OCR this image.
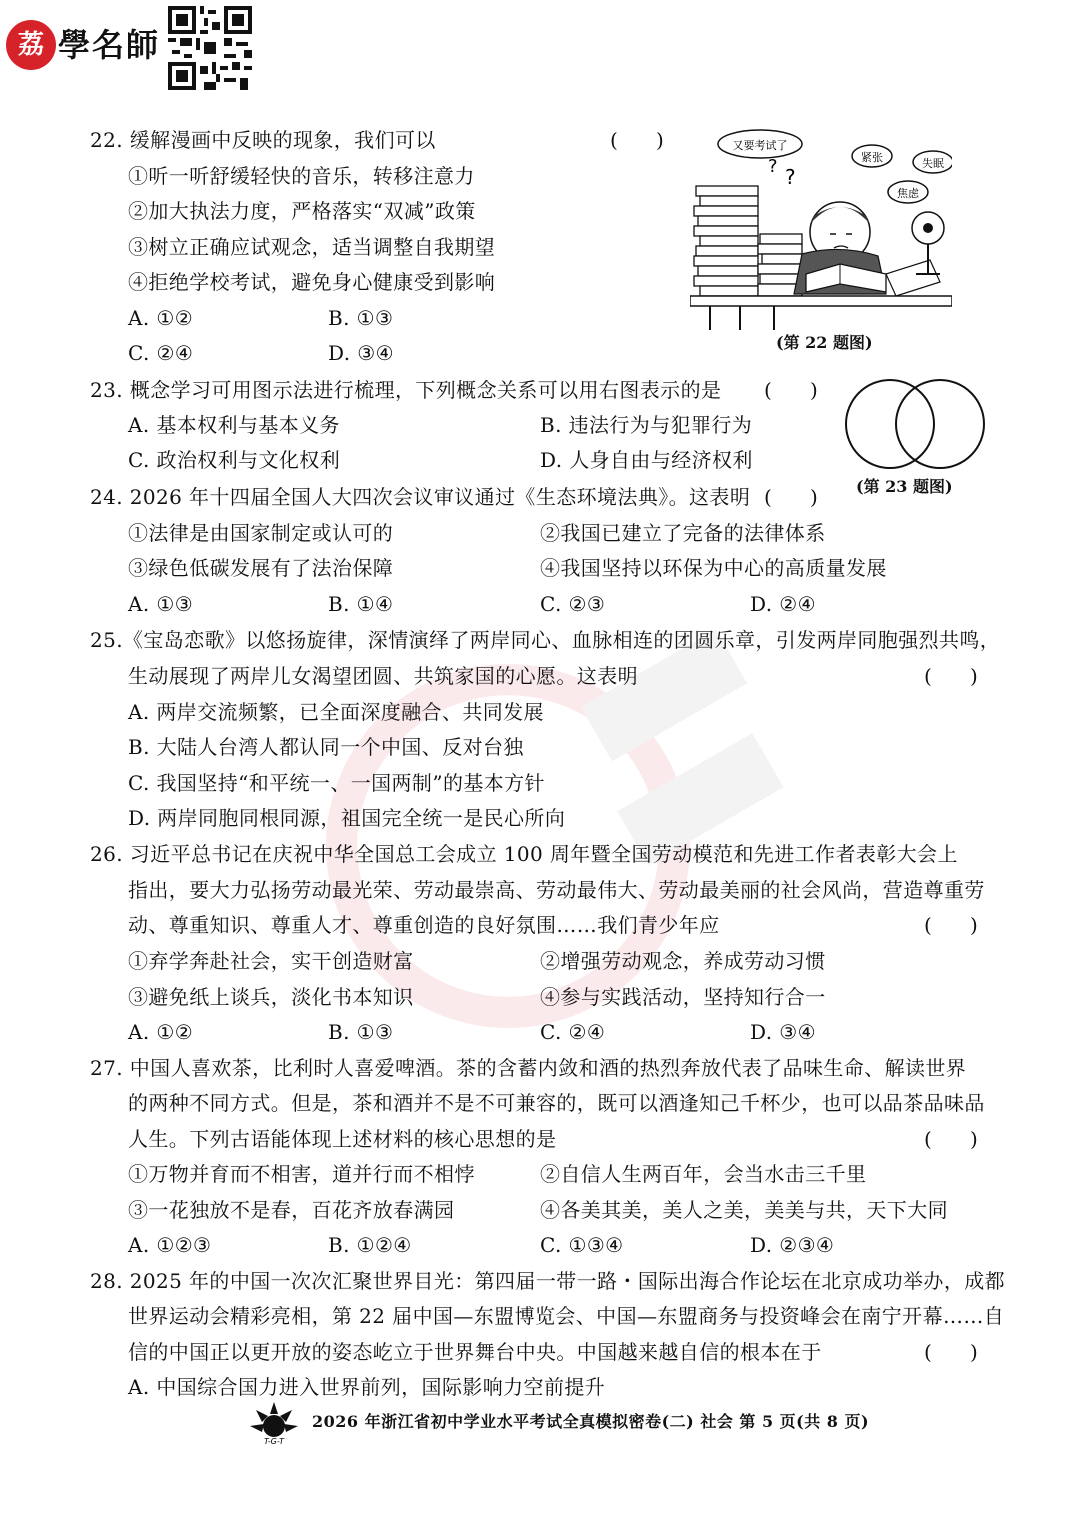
荔 學名師
22. 缓解漫画中反映的现象，我们可以	(      )
①听一听舒缓轻快的音乐，转移注意力
②加大执法力度，严格落实“双减”政策
③树立正确应试观念，适当调整自我期望
④拒绝学校考试，避免身心健康受到影响
A. ①②	B. ①③
C. ②④	D. ③④
又要考试了
? ?
紧张	失眠
焦虑
(第 22 题图)
23. 概念学习可用图示法进行梳理，下列概念关系可以用右图表示的是 (      )
A. 基本权利与基本义务	B. 违法行为与犯罪行为
C. 政治权利与文化权利	D. 人身自由与经济权利
(第 23 题图)
24. 2026 年十四届全国人大四次会议审议通过《生态环境法典》。这表明 (      )
①法律是由国家制定或认可的	②我国已建立了完备的法律体系
③绿色低碳发展有了法治保障	④我国坚持以环保为中心的高质量发展
A. ①③	B. ①④	C. ②③	D. ②④
25.《宝岛恋歌》以悠扬旋律，深情演绎了两岸同心、血脉相连的团圆乐章，引发两岸同胞强烈共鸣，
生动展现了两岸儿女渴望团圆、共筑家国的心愿。这表明	(      )
A. 两岸交流频繁，已全面深度融合、共同发展
B. 大陆人台湾人都认同一个中国、反对台独
C. 我国坚持“和平统一、一国两制”的基本方针
D. 两岸同胞同根同源，祖国完全统一是民心所向
26. 习近平总书记在庆祝中华全国总工会成立 100 周年暨全国劳动模范和先进工作者表彰大会上
指出，要大力弘扬劳动最光荣、劳动最崇高、劳动最伟大、劳动最美丽的社会风尚，营造尊重劳
动、尊重知识、尊重人才、尊重创造的良好氛围……我们青少年应	(      )
①弃学奔赴社会，实干创造财富	②增强劳动观念，养成劳动习惯
③避免纸上谈兵，淡化书本知识	④参与实践活动，坚持知行合一
A. ①②	B. ①③	C. ②④	D. ③④
27. 中国人喜欢茶，比利时人喜爱啤酒。茶的含蓄内敛和酒的热烈奔放代表了品味生命、解读世界
的两种不同方式。但是，茶和酒并不是不可兼容的，既可以酒逢知己千杯少，也可以品茶品味品
人生。下列古语能体现上述材料的核心思想的是	(      )
①万物并育而不相害，道并行而不相悖	②自信人生两百年，会当水击三千里
③一花独放不是春，百花齐放春满园	④各美其美，美人之美，美美与共，天下大同
A. ①②③	B. ①②④	C. ①③④	D. ②③④
28. 2025 年的中国一次次汇聚世界目光：第四届一带一路・国际出海合作论坛在北京成功举办，成都
世界运动会精彩亮相，第 22 届中国—东盟博览会、中国—东盟商务与投资峰会在南宁开幕……自
信的中国正以更开放的姿态屹立于世界舞台中央。中国越来越自信的根本在于	(      )
A. 中国综合国力进入世界前列，国际影响力空前提升
T-G-T
2026 年浙江省初中学业水平考试全真模拟密卷(二) 社会 第 5 页(共 8 页)
